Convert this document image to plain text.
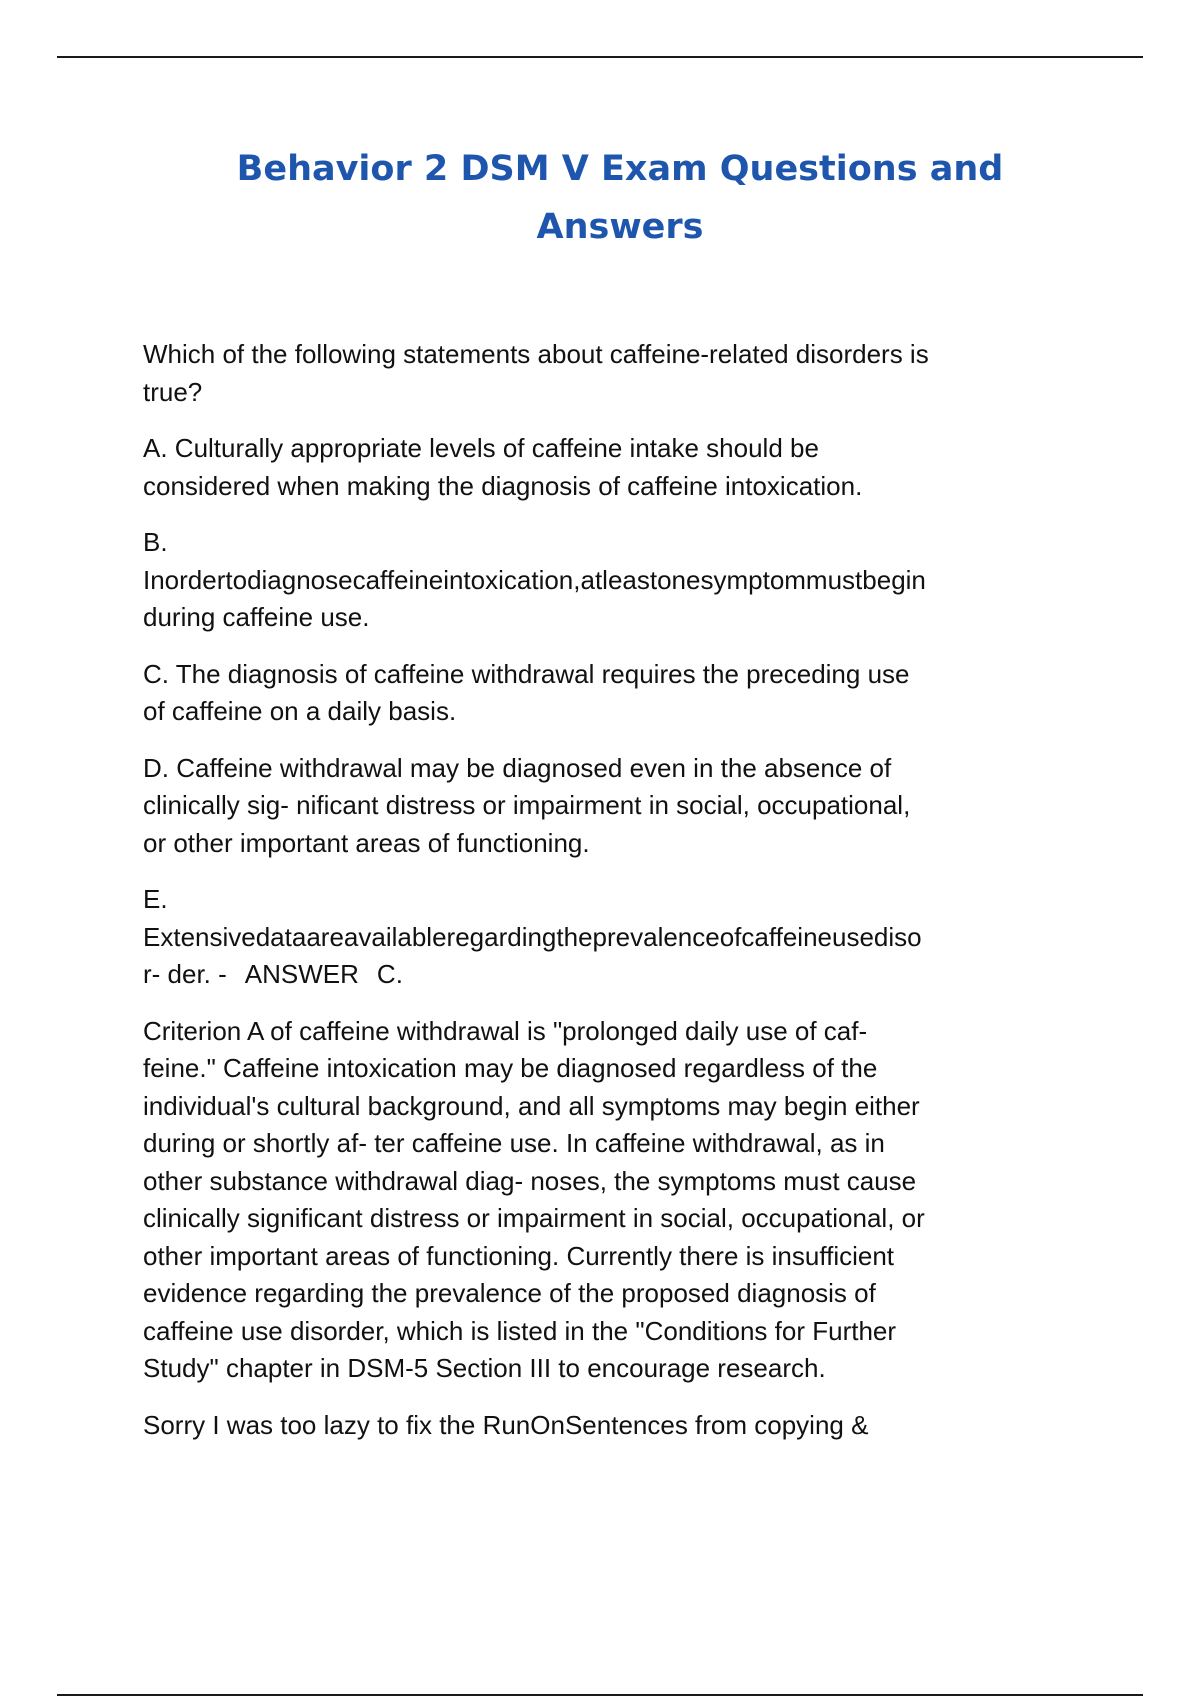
Behavior 2 DSM V Exam Questions and
Answers

Which of the following statements about caffeine-related disorders is
true?

A. Culturally appropriate levels of caffeine intake should be
considered when making the diagnosis of caffeine intoxication.

B.
Inordertodiagnosecaffeineintoxication,atleastonesymptommustbegin
during caffeine use.

C. The diagnosis of caffeine withdrawal requires the preceding use
of caffeine on a daily basis.

D. Caffeine withdrawal may be diagnosed even in the absence of
clinically sig- nificant distress or impairment in social, occupational,
or other important areas of functioning.

E.
Extensivedataareavailableregardingtheprevalenceofcaffeineusediso
r- der. - ANSWER C.

Criterion A of caffeine withdrawal is "prolonged daily use of caf-
feine." Caffeine intoxication may be diagnosed regardless of the
individual's cultural background, and all symptoms may begin either
during or shortly af- ter caffeine use. In caffeine withdrawal, as in
other substance withdrawal diag- noses, the symptoms must cause
clinically significant distress or impairment in social, occupational, or
other important areas of functioning. Currently there is insufficient
evidence regarding the prevalence of the proposed diagnosis of
caffeine use disorder, which is listed in the "Conditions for Further
Study" chapter in DSM-5 Section III to encourage research.

Sorry I was too lazy to fix the RunOnSentences from copying &
